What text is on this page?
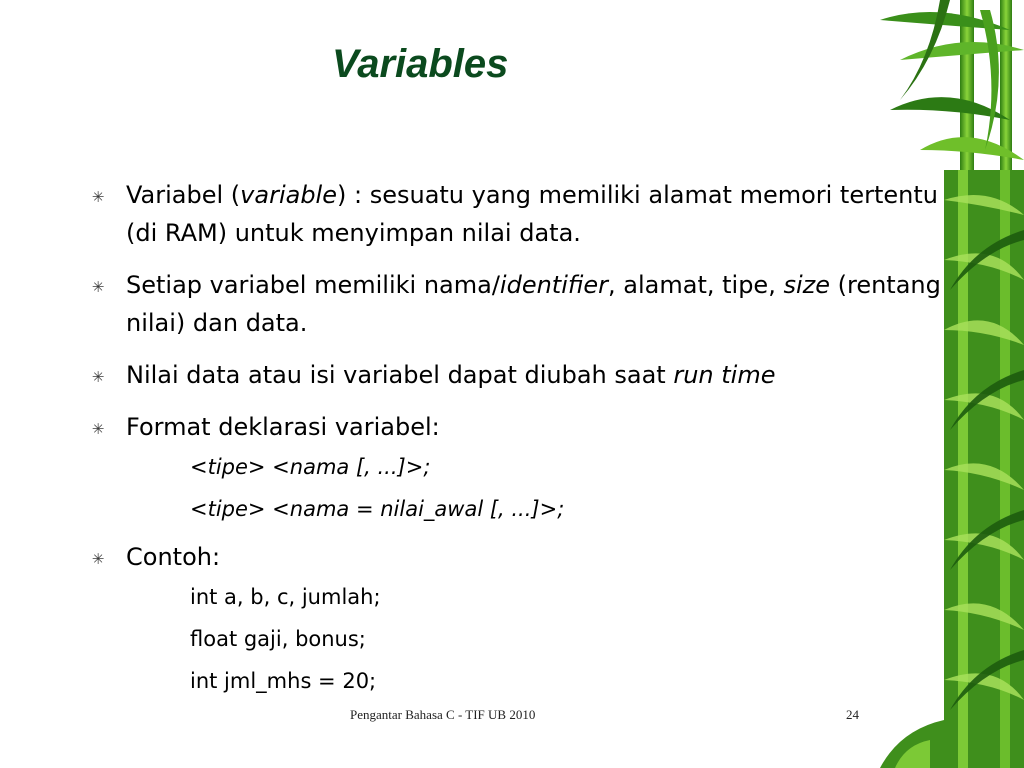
Variables
✳ Variabel (variable) : sesuatu yang memiliki alamat memori tertentu (di RAM) untuk menyimpan nilai data.
✳ Setiap variabel memiliki nama/identifier, alamat, tipe, size (rentang nilai) dan data.
✳ Nilai data atau isi variabel dapat diubah saat run time
✳ Format deklarasi variabel:
<tipe> <nama [, ...]>;
<tipe> <nama = nilai_awal [, ...]>;
✳ Contoh:
int a, b, c, jumlah;
float gaji, bonus;
int jml_mhs = 20;
Pengantar Bahasa C - TIF UB 2010	24
